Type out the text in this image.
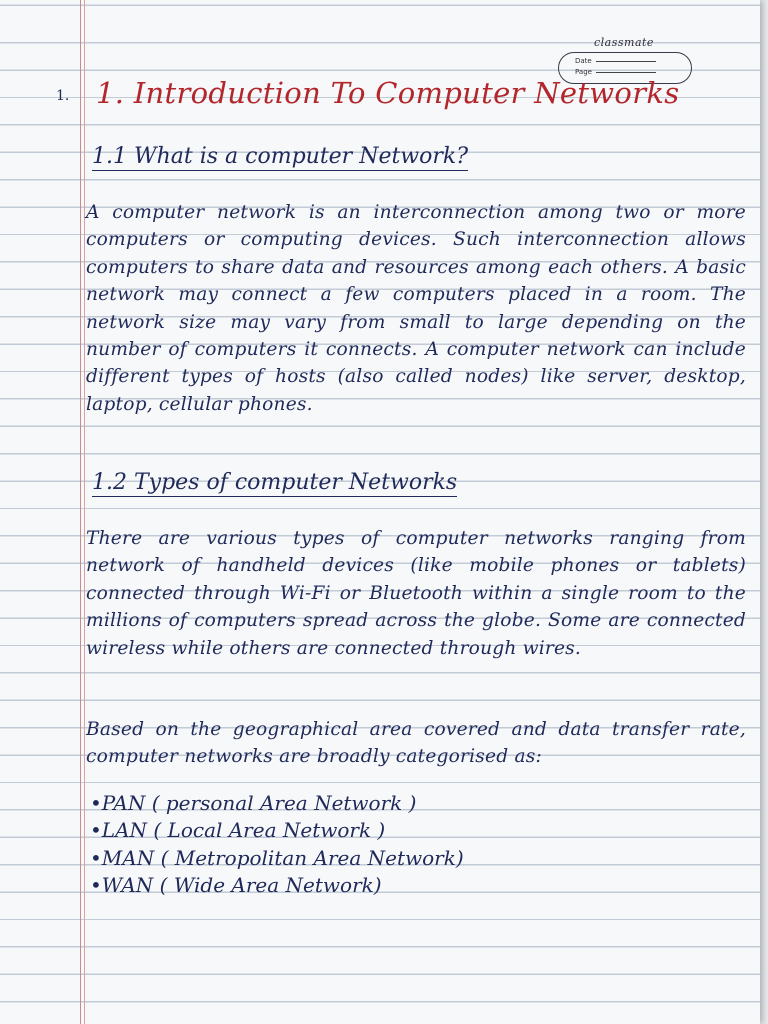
classmate
Date
Page
1. 1. Introduction To Computer Networks
1.1 What is a computer Network?
A computer network is an interconnection among two or more computers or computing devices. Such interconnection allows computers to share data and resources among each others. A basic network may connect a few computers placed in a room. The network size may vary from small to large depending on the number of computers it connects. A computer network can include different types of hosts (also called nodes) like server, desktop, laptop, cellular phones.
1.2 Types of computer Networks
There are various types of computer networks ranging from network of handheld devices (like mobile phones or tablets) connected through Wi-Fi or Bluetooth within a single room to the millions of computers spread across the globe. Some are connected wireless while others are connected through wires.
Based on the geographical area covered and data transfer rate, computer networks are broadly categorised as:
•PAN ( personal Area Network )
•LAN ( Local Area Network )
•MAN ( Metropolitan Area Network)
•WAN ( Wide Area Network)
